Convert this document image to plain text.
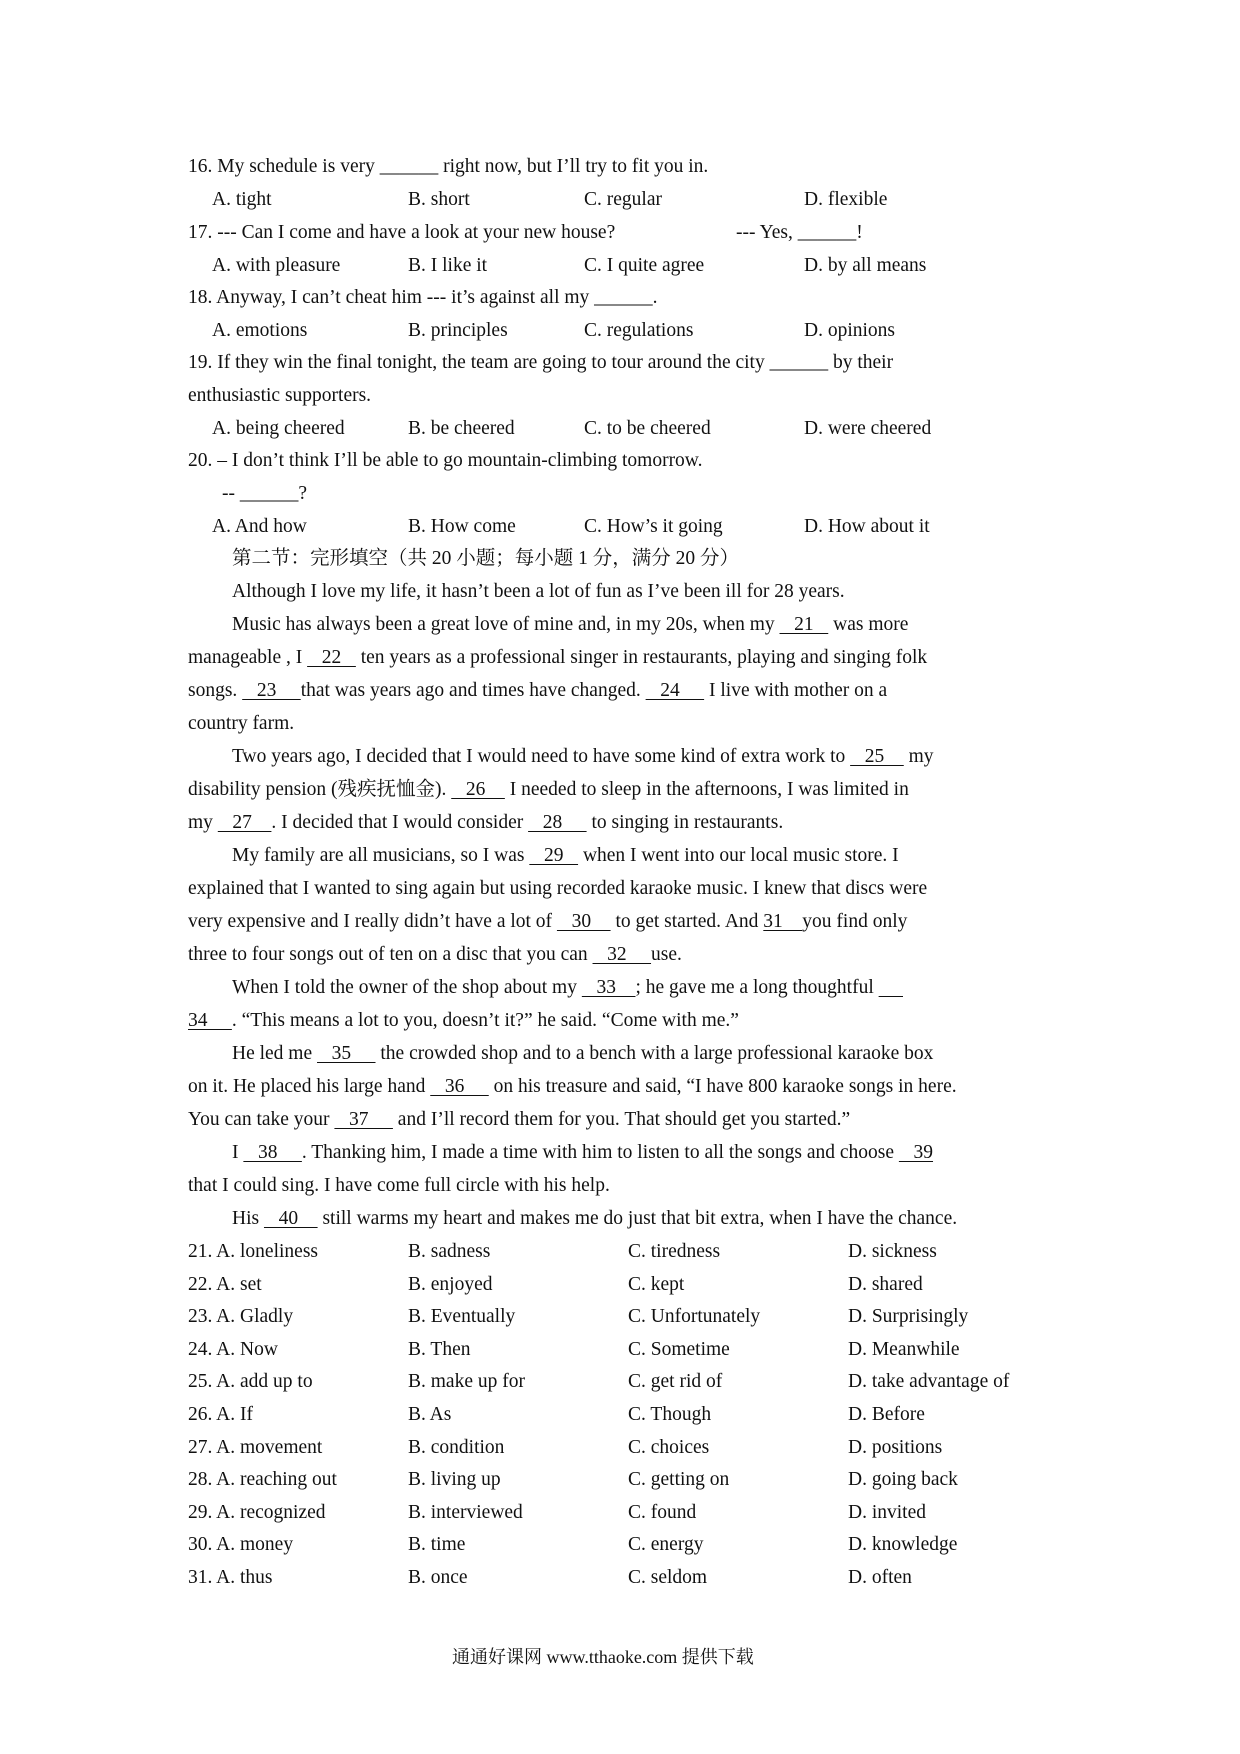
16. My schedule is very ______ right now, but I’ll try to fit you in.
A. tight	B. short	C. regular	D. flexible
17. --- Can I come and have a look at your new house?	--- Yes, ______!
A. with pleasure	B. I like it	C. I quite agree	D. by all means
18. Anyway, I can’t cheat him --- it’s against all my ______.
A. emotions	B. principles	C. regulations	D. opinions
19. If they win the final tonight, the team are going to tour around the city ______ by their
enthusiastic supporters.
A. being cheered	B. be cheered	C. to be cheered	D. were cheered
20. – I don’t think I’ll be able to go mountain-climbing tomorrow.
-- ______?
A. And how	B. How come	C. How’s it going	D. How about it
第二节：完形填空（共 20 小题；每小题 1 分，满分 20 分）
Although I love my life, it hasn’t been a lot of fun as I’ve been ill for 28 years.
Music has always been a great love of mine and, in my 20s, when my    21    was more
manageable , I    22    ten years as a professional singer in restaurants, playing and singing folk
songs.    23     that was years ago and times have changed.    24      I live with mother on a
country farm.
Two years ago, I decided that I would need to have some kind of extra work to    25     my
disability pension (残疾抚恤金).    26     I needed to sleep in the afternoons, I was limited in
my    27    . I decided that I would consider    28      to singing in restaurants.
My family are all musicians, so I was    29    when I went into our local music store. I
explained that I wanted to sing again but using recorded karaoke music. I knew that discs were
very expensive and I really didn’t have a lot of    30     to get started. And 31    you find only
three to four songs out of ten on a disc that you can    32     use.
When I told the owner of the shop about my    33    ; he gave me a long thoughtful
34     . “This means a lot to you, doesn’t it?” he said. “Come with me.”
He led me    35      the crowded shop and to a bench with a large professional karaoke box
on it. He placed his large hand    36      on his treasure and said, “I have 800 karaoke songs in here.
You can take your    37      and I’ll record them for you. That should get you started.”
I    38     . Thanking him, I made a time with him to listen to all the songs and choose    39
that I could sing. I have come full circle with his help.
His    40     still warms my heart and makes me do just that bit extra, when I have the chance.
21. A. loneliness	B. sadness	C. tiredness	D. sickness
22. A. set	B. enjoyed	C. kept	D. shared
23. A. Gladly	B. Eventually	C. Unfortunately	D. Surprisingly
24. A. Now	B. Then	C. Sometime	D. Meanwhile
25. A. add up to	B. make up for	C. get rid of	D. take advantage of
26. A. If	B. As	C. Though	D. Before
27. A. movement	B. condition	C. choices	D. positions
28. A. reaching out	B. living up	C. getting on	D. going back
29. A. recognized	B. interviewed	C. found	D. invited
30. A. money	B. time	C. energy	D. knowledge
31. A. thus	B. once	C. seldom	D. often
通通好课网 www.tthaoke.com 提供下载
